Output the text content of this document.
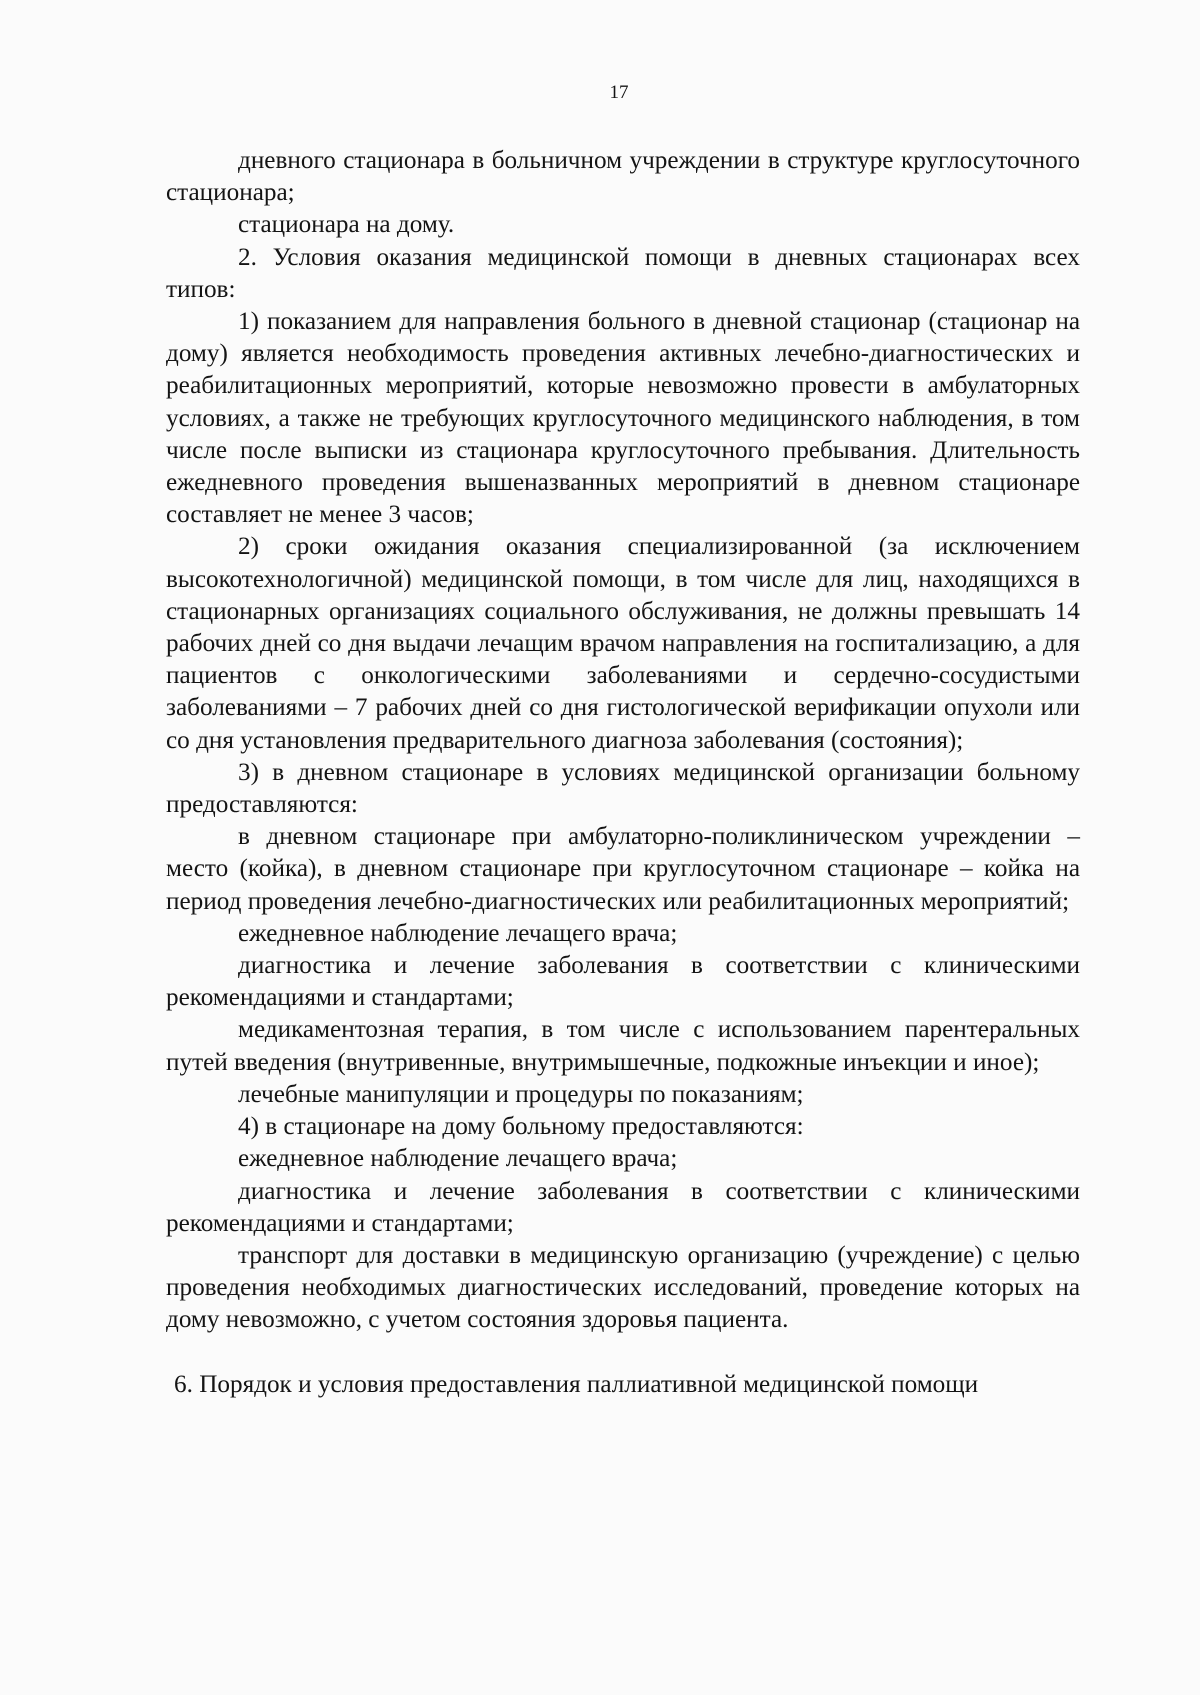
17

дневного стационара в больничном учреждении в структуре круглосуточного стационара;

стационара на дому.

2. Условия оказания медицинской помощи в дневных стационарах всех типов:

1) показанием для направления больного в дневной стационар (стационар на дому) является необходимость проведения активных лечебно-диагностических и реабилитационных мероприятий, которые невозможно провести в амбулаторных условиях, а также не требующих круглосуточного медицинского наблюдения, в том числе после выписки из стационара круглосуточного пребывания. Длительность ежедневного проведения вышеназванных мероприятий в дневном стационаре составляет не менее 3 часов;

2) сроки ожидания оказания специализированной (за исключением высокотехнологичной) медицинской помощи, в том числе для лиц, находящихся в стационарных организациях социального обслуживания, не должны превышать 14 рабочих дней со дня выдачи лечащим врачом направления на госпитализацию, а для пациентов с онкологическими заболеваниями и сердечно-сосудистыми заболеваниями – 7 рабочих дней со дня гистологической верификации опухоли или со дня установления предварительного диагноза заболевания (состояния);

3) в дневном стационаре в условиях медицинской организации больному предоставляются:

в дневном стационаре при амбулаторно-поликлиническом учреждении – место (койка), в дневном стационаре при круглосуточном стационаре – койка на период проведения лечебно-диагностических или реабилитационных мероприятий;

ежедневное наблюдение лечащего врача;

диагностика и лечение заболевания в соответствии с клиническими рекомендациями и стандартами;

медикаментозная терапия, в том числе с использованием парентеральных путей введения (внутривенные, внутримышечные, подкожные инъекции и иное);

лечебные манипуляции и процедуры по показаниям;

4) в стационаре на дому больному предоставляются:

ежедневное наблюдение лечащего врача;

диагностика и лечение заболевания в соответствии с клиническими рекомендациями и стандартами;

транспорт для доставки в медицинскую организацию (учреждение) с целью проведения необходимых диагностических исследований, проведение которых на дому невозможно, с учетом состояния здоровья пациента.

6. Порядок и условия предоставления паллиативной медицинской помощи
